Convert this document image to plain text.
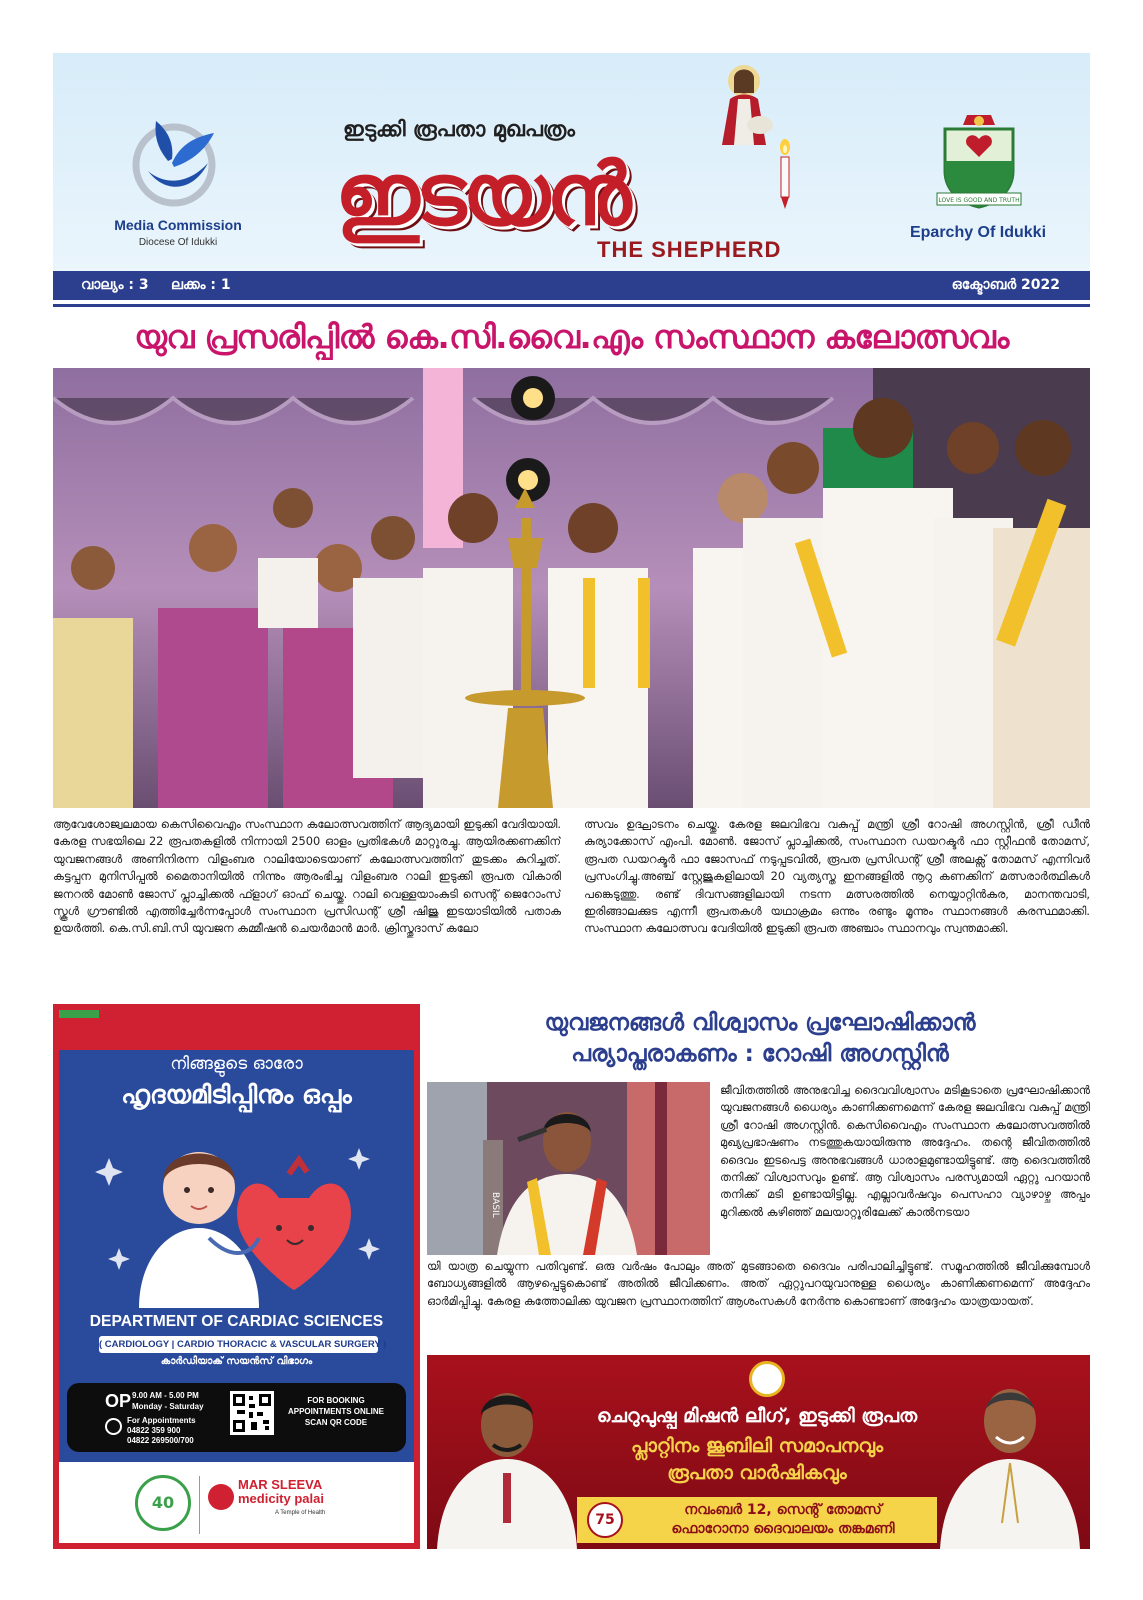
Media Commission
Diocese Of Idukki
ഇടുക്കി രൂപതാ മുഖപത്രം
ഇടയൻ
THE SHEPHERD
LOVE IS GOOD AND TRUTH
Eparchy Of Idukki
വാല്യം : 3 ലക്കം : 1	ഒക്ടോബർ 2022
യുവ പ്രസരിപ്പിൽ കെ.സി.വൈ.എം സംസ്ഥാന കലോത്സവം
ആവേശോജ്വലമായ കെസിവൈഎം സംസ്ഥാന കലോത്സവത്തിന് ആദ്യമായി ഇടുക്കി വേദിയായി. കേരള സഭയിലെ 22 രൂപതകളിൽ നിന്നായി 2500 ഓളം പ്രതിഭകൾ മാറ്റുരച്ചു. ആയിരക്കണക്കിന് യുവജനങ്ങൾ അണിനിരന്ന വിളംബര റാലിയോടെയാണ് കലോത്സവത്തിന് തുടക്കം കുറിച്ചത്. കട്ടപ്പന മുനിസിപ്പൽ മൈതാനിയിൽ നിന്നും ആരംഭിച്ച വിളംബര റാലി ഇടുക്കി രൂപത വികാരി ജനറൽ മോൺ ജോസ് പ്ലാച്ചിക്കൽ ഫ്ളാഗ് ഓഫ് ചെയ്തു. റാലി വെള്ളയാംകുടി സെന്റ് ജെറോംസ് സ്കൂൾ ഗ്രൗണ്ടിൽ എത്തിച്ചേർന്നപ്പോൾ സംസ്ഥാന പ്രസിഡന്റ് ശ്രീ ഷിജു ഇടയാടിയിൽ പതാക ഉയർത്തി. കെ.സി.ബി.സി യുവജന കമ്മീഷൻ ചെയർമാൻ മാർ. ക്രിസ്തുദാസ് കലോ
ത്സവം ഉദ്ഘാടനം ചെയ്തു. കേരള ജലവിഭവ വകുപ്പ് മന്ത്രി ശ്രീ റോഷി അഗസ്റ്റിൻ, ശ്രീ ഡീൻ കുര്യാക്കോസ് എംപി. മോൺ. ജോസ് പ്ലാച്ചിക്കൽ, സംസ്ഥാന ഡയറക്ടർ ഫാ സ്റ്റീഫൻ തോമസ്, രൂപത ഡയറക്ടർ ഫാ ജോസഫ് നടുപ്പടവിൽ, രൂപത പ്രസിഡന്റ് ശ്രീ അലക്സ് തോമസ് എന്നിവർ പ്രസംഗിച്ചു.അഞ്ച് സ്റ്റേജുകളിലായി 20 വ്യത്യസ്ത ഇനങ്ങളിൽ നൂറു കണക്കിന് മത്സരാർത്ഥികൾ പങ്കെടുത്തു. രണ്ട് ദിവസങ്ങളിലായി നടന്ന മത്സരത്തിൽ നെയ്യാറ്റിൻകര, മാനന്തവാടി, ഇരിങ്ങാലക്കുട എന്നീ രൂപതകൾ യഥാക്രമം ഒന്നും രണ്ടും മൂന്നും സ്ഥാനങ്ങൾ കരസ്ഥമാക്കി. സംസ്ഥാന കലോത്സവ വേദിയിൽ ഇടുക്കി രൂപത അഞ്ചാം സ്ഥാനവും സ്വന്തമാക്കി.
നിങ്ങളുടെ ഓരോ
ഹൃദയമിടിപ്പിനും ഒപ്പം
DEPARTMENT OF CARDIAC SCIENCES
( CARDIOLOGY | CARDIO THORACIC & VASCULAR SURGERY )
കാർഡിയാക് സയൻസ് വിഭാഗം
OP 9.00 AM - 5.00 PM
Monday - Saturday
For Appointments
04822 359 900
04822 269500/700
FOR BOOKING
APPOINTMENTS ONLINE
SCAN QR CODE
40
MAR SLEEVA
medicity palai
A Temple of Health
യുവജനങ്ങൾ വിശ്വാസം പ്രഘോഷിക്കാൻ
പര്യാപ്തരാകണം : റോഷി അഗസ്റ്റിൻ
BASIL
ജീവിതത്തിൽ അനുഭവിച്ച ദൈവവിശ്വാസം മടികൂടാതെ പ്രഘോഷിക്കാൻ യുവജനങ്ങൾ ധൈര്യം കാണിക്കണമെന്ന് കേരള ജലവിഭവ വകുപ്പ് മന്ത്രി ശ്രീ റോഷി അഗസ്റ്റിൻ. കെസിവൈഎം സംസ്ഥാന കലോത്സവത്തിൽ മുഖ്യപ്രഭാഷണം നടത്തുകയായിരുന്നു അദ്ദേഹം. തന്റെ ജീവിതത്തിൽ ദൈവം ഇടപെട്ട അനുഭവങ്ങൾ ധാരാളമുണ്ടായിട്ടുണ്ട്. ആ ദൈവത്തിൽ തനിക്ക് വിശ്വാസവും ഉണ്ട്. ആ വിശ്വാസം പരസ്യമായി ഏറ്റു പറയാൻ തനിക്ക് മടി ഉണ്ടായിട്ടില്ല. എല്ലാവർഷവും പെസഹാ വ്യാഴാഴ്ച അപ്പം മുറിക്കൽ കഴിഞ്ഞ് മലയാറ്റൂരിലേക്ക് കാൽനടയാ
യി യാത്ര ചെയ്യുന്ന പതിവുണ്ട്. ഒരു വർഷം പോലും അത് മുടങ്ങാതെ ദൈവം പരിപാലിച്ചിട്ടുണ്ട്. സമൂഹത്തിൽ ജീവിക്കുമ്പോൾ ബോധ്യങ്ങളിൽ ആഴപ്പെട്ടുകൊണ്ട് അതിൽ ജീവിക്കണം. അത് ഏറ്റുപറയുവാനുള്ള ധൈര്യം കാണിക്കണമെന്ന് അദ്ദേഹം ഓർമിപ്പിച്ചു. കേരള കത്തോലിക്ക യുവജന പ്രസ്ഥാനത്തിന് ആശംസകൾ നേർന്നു കൊണ്ടാണ് അദ്ദേഹം യാത്രയായത്.
ചെറുപുഷ്പ മിഷൻ ലീഗ്, ഇടുക്കി രൂപത
പ്ലാറ്റിനം ജൂബിലി സമാപനവും
രൂപതാ വാർഷികവും
75
നവംബർ 12, സെന്റ് തോമസ്
ഫൊറോനാ ദൈവാലയം തങ്കമണി
